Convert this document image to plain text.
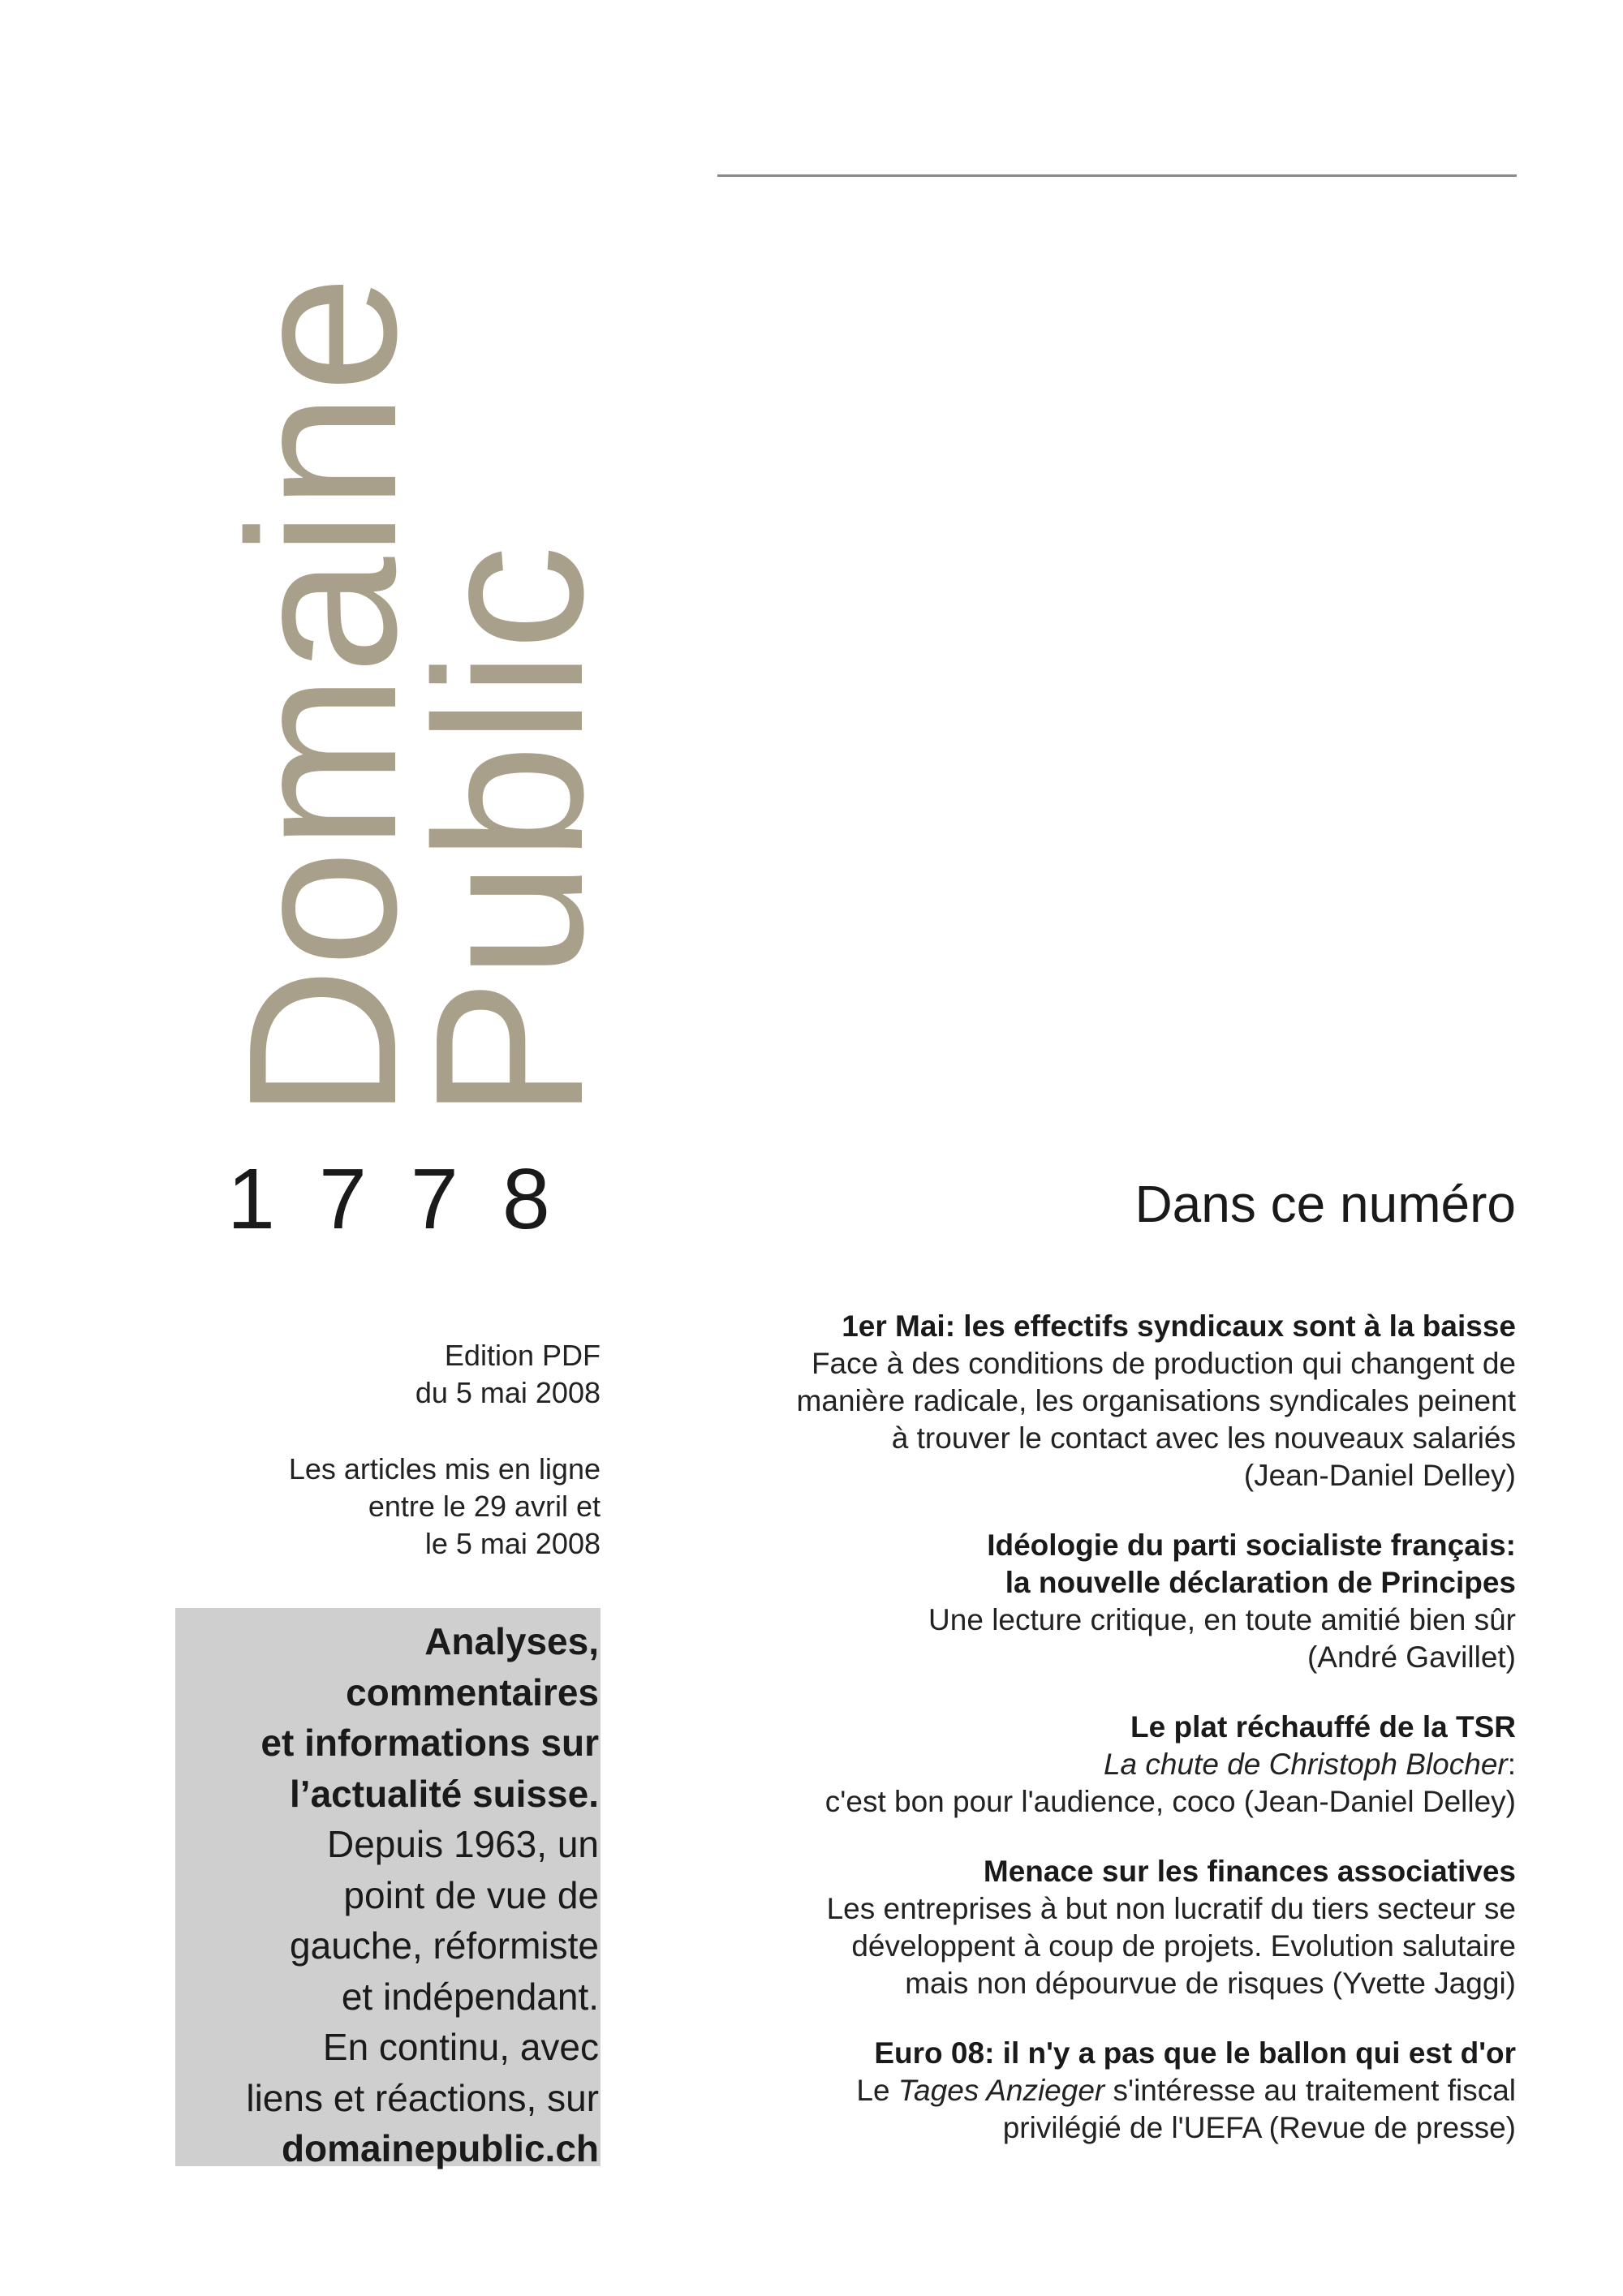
Domaine
Public
1778
Edition PDF
du 5 mai 2008
Les articles mis en ligne
entre le 29 avril et
le 5 mai 2008
Analyses,
commentaires
et informations sur
l’actualité suisse.
Depuis 1963, un
point de vue de
gauche, réformiste
et indépendant.
En continu, avec
liens et réactions, sur
domainepublic.ch
Dans ce numéro
1er Mai: les effectifs syndicaux sont à la baisse
Face à des conditions de production qui changent de
manière radicale, les organisations syndicales peinent
à trouver le contact avec les nouveaux salariés
(Jean-Daniel Delley)
Idéologie du parti socialiste français:
la nouvelle déclaration de Principes
Une lecture critique, en toute amitié bien sûr
(André Gavillet)
Le plat réchauffé de la TSR
La chute de Christoph Blocher:
c'est bon pour l'audience, coco (Jean-Daniel Delley)
Menace sur les finances associatives
Les entreprises à but non lucratif du tiers secteur se
développent à coup de projets. Evolution salutaire
mais non dépourvue de risques (Yvette Jaggi)
Euro 08: il n'y a pas que le ballon qui est d'or
Le Tages Anzieger s'intéresse au traitement fiscal
privilégié de l'UEFA (Revue de presse)
